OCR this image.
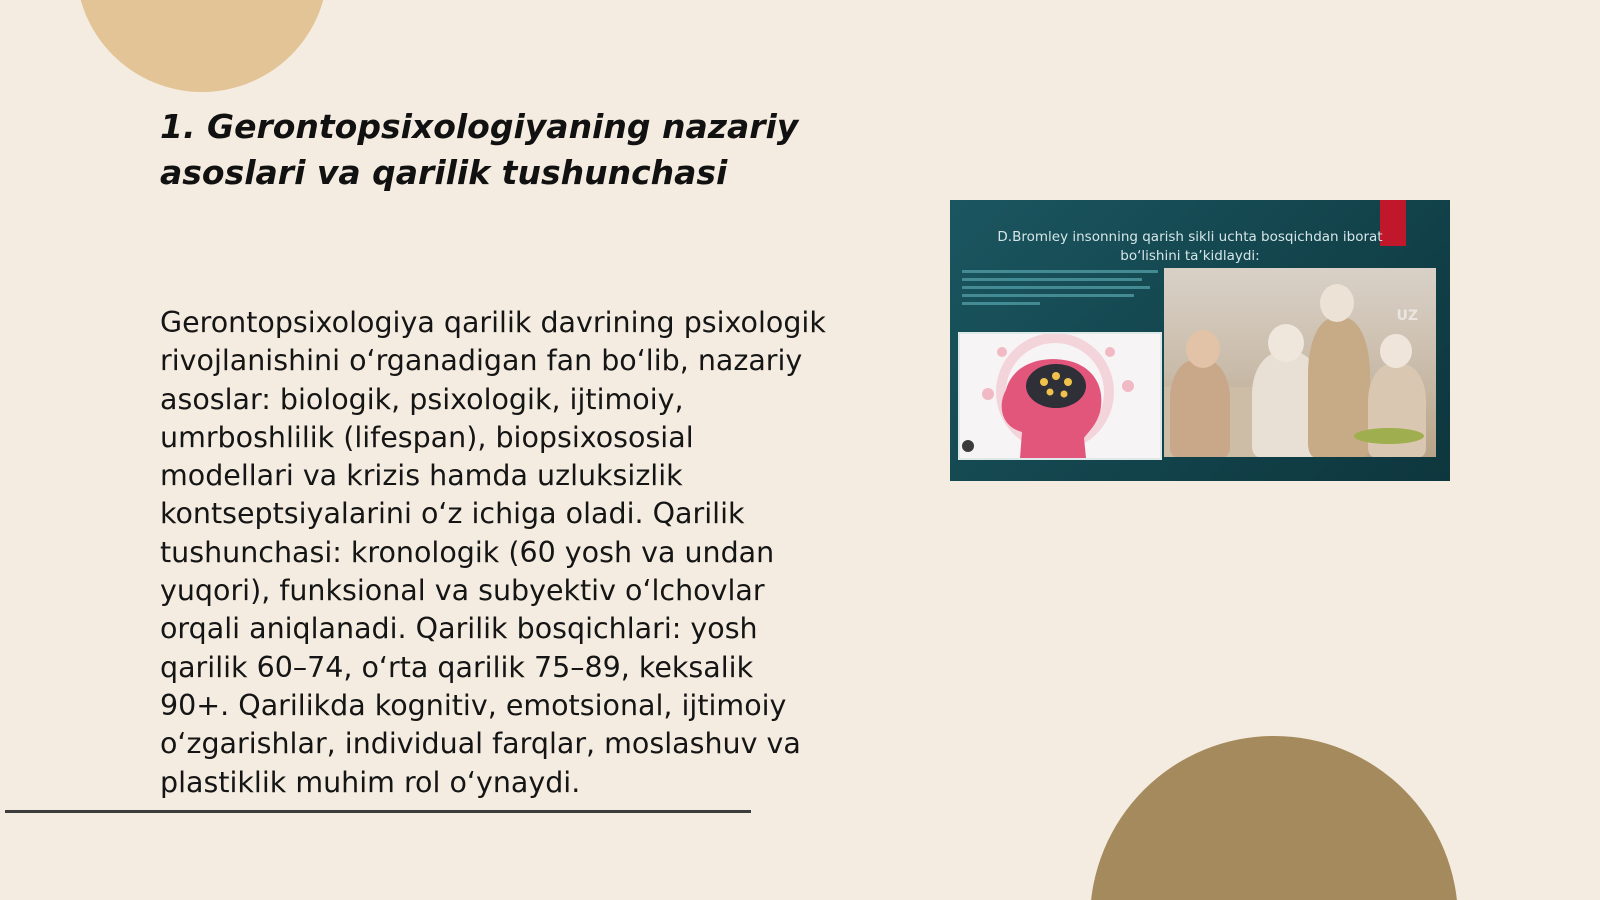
1. Gerontopsixologiyaning nazariy asoslari va qarilik tushunchasi

Gerontopsixologiya qarilik davrining psixologik rivojlanishini o‘rganadigan fan bo‘lib, nazariy asoslar: biologik, psixologik, ijtimoiy, umrboshlilik (lifespan), biopsixososial modellari va krizis hamda uzluksizlik kontseptsiyalarini o‘z ichiga oladi. Qarilik tushunchasi: kronologik (60 yosh va undan yuqori), funksional va subyektiv o‘lchovlar orqali aniqlanadi. Qarilik bosqichlari: yosh qarilik 60–74, o‘rta qarilik 75–89, keksalik 90+. Qarilikda kognitiv, emotsional, ijtimoiy o‘zgarishlar, individual farqlar, moslashuv va plastiklik muhim rol o‘ynaydi.

D.Bromley insonning qarish sikli uchta bosqichdan iborat bo‘lishini ta’kidlaydi:

UZ
